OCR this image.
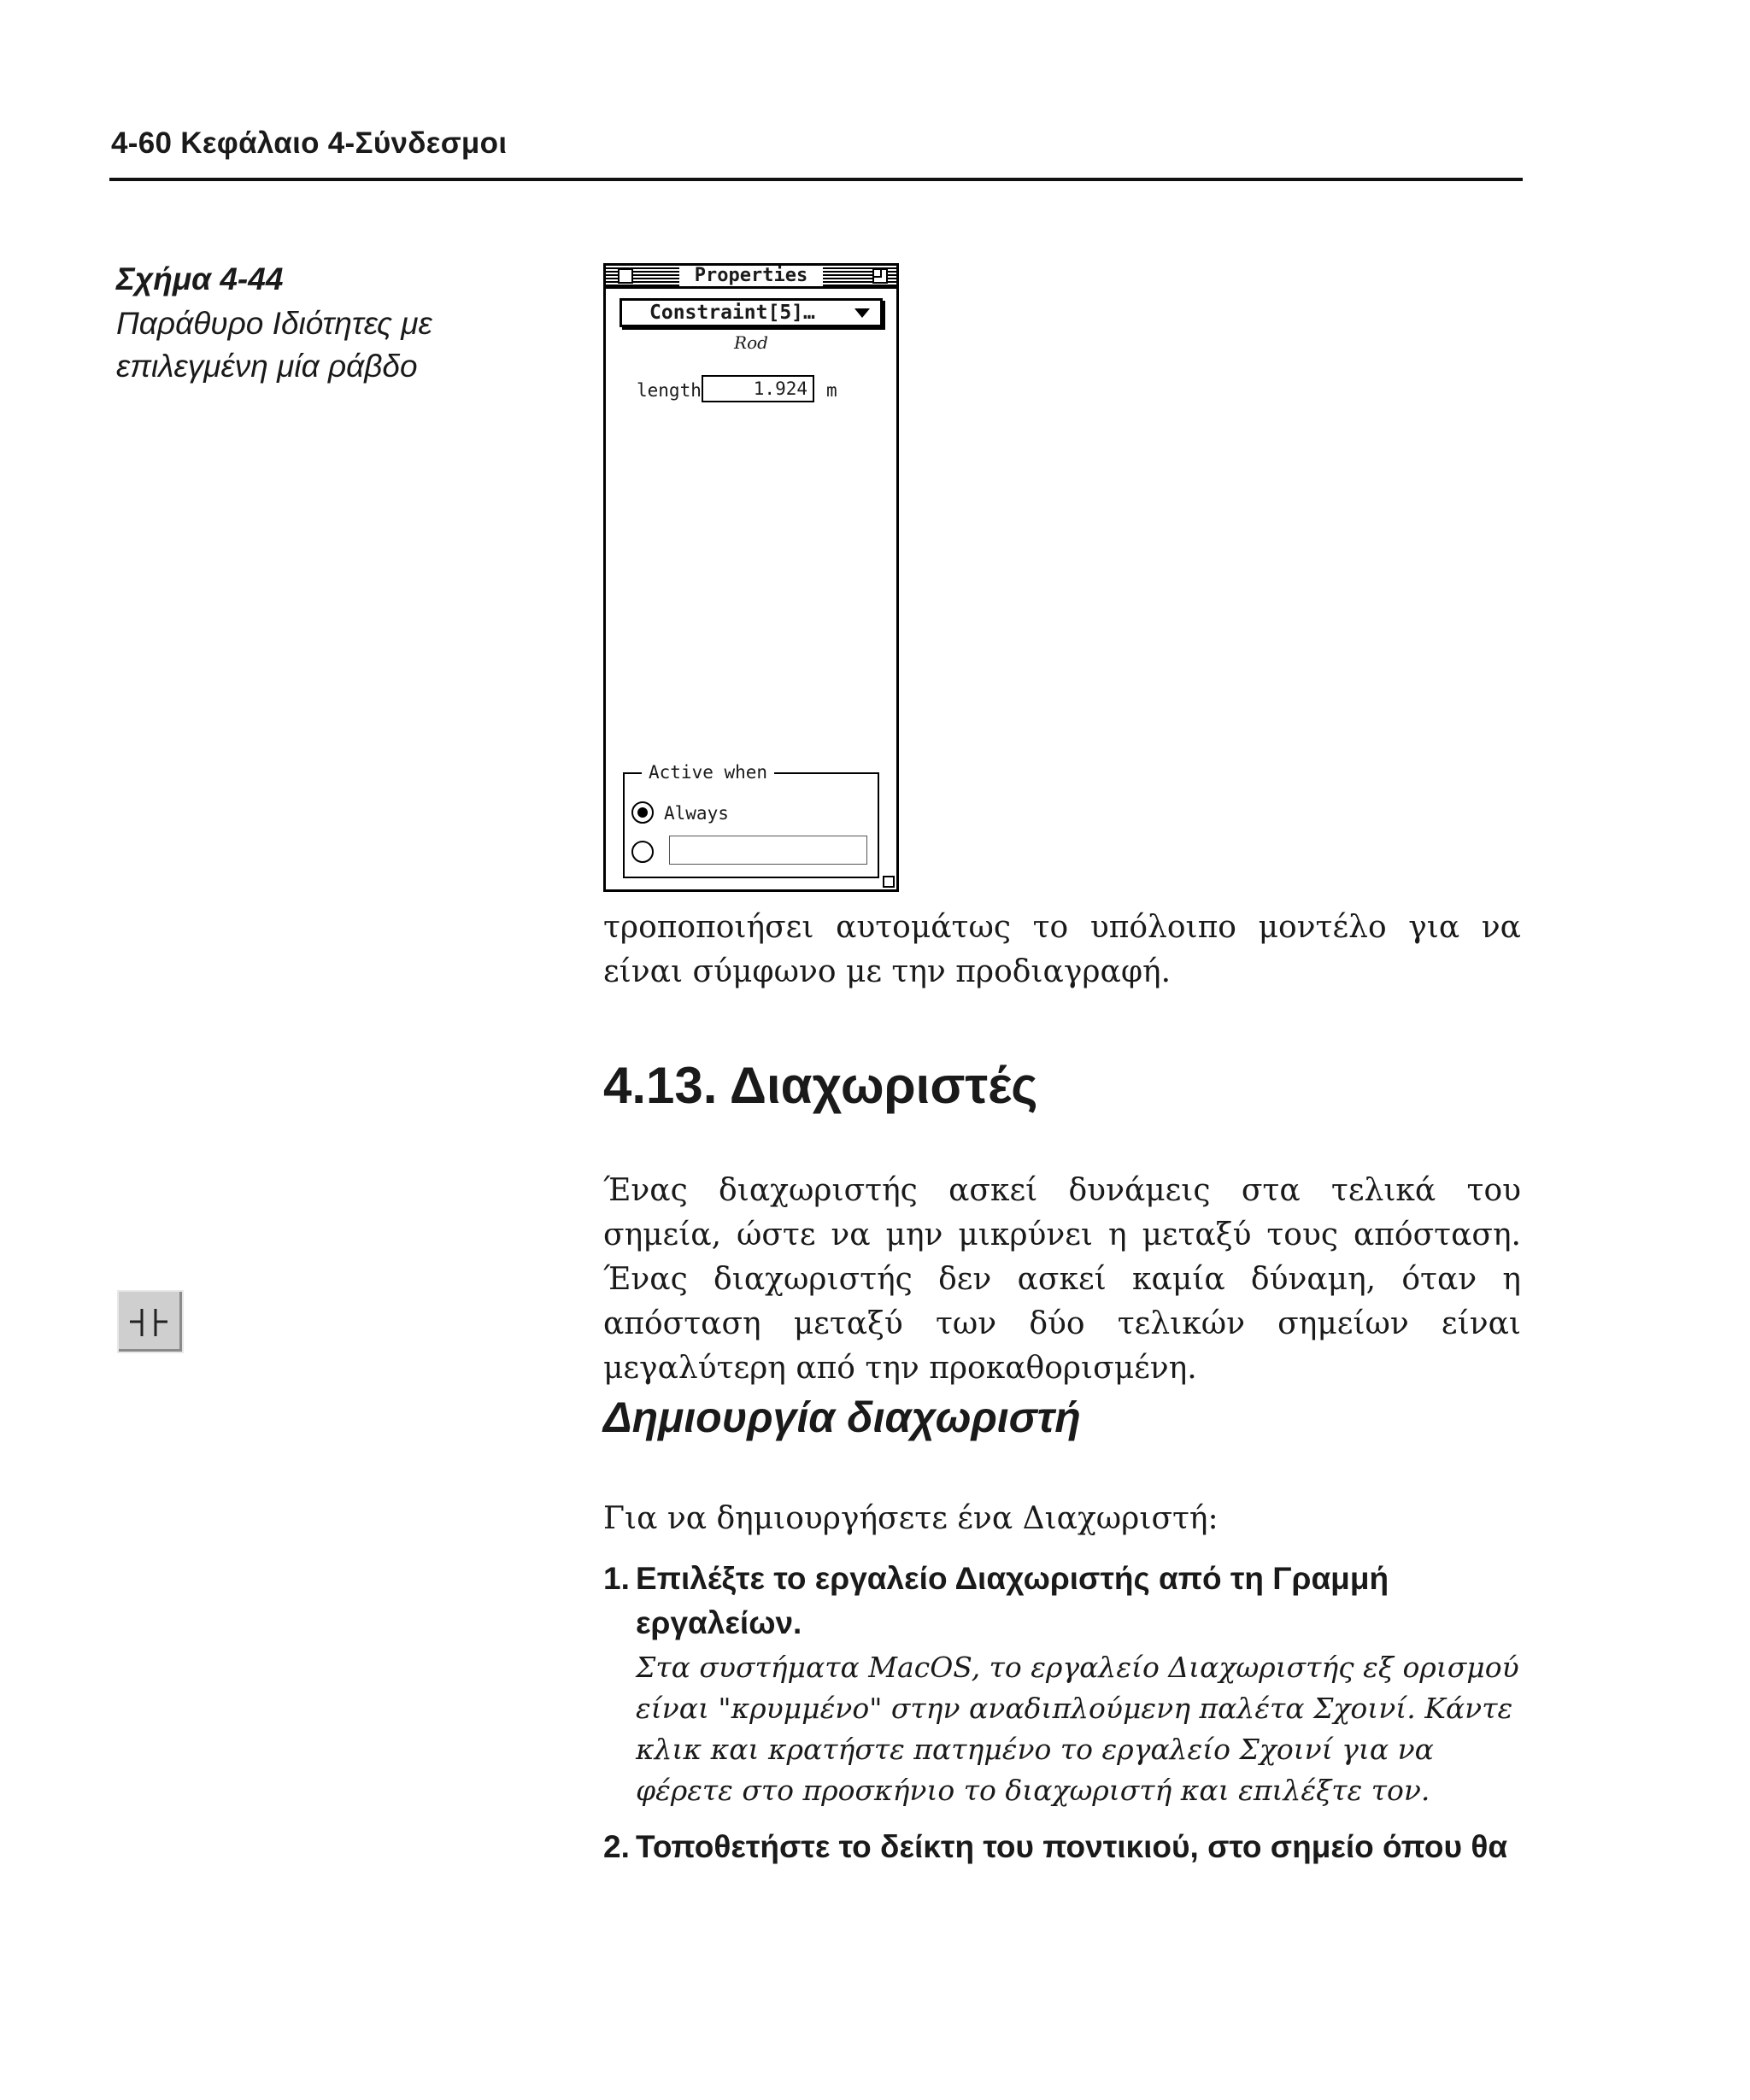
4-60 Κεφάλαιο 4-Σύνδεσμοι
Σχήμα 4-44
Παράθυρο Ιδιότητες με
επιλεγμένη μία ράβδο
Properties
Constraint[5]…
Rod
length	1.924	m
Active when
Always
τροποποιήσει αυτομάτως το υπόλοιπο μοντέλο για να είναι σύμφωνο με την προδιαγραφή.
4.13. Διαχωριστές
Ένας διαχωριστής ασκεί δυνάμεις στα τελικά του σημεία, ώστε να μην μικρύνει η μεταξύ τους απόσταση. Ένας διαχωριστής δεν ασκεί καμία δύναμη, όταν η απόσταση μεταξύ των δύο τελικών σημείων είναι μεγαλύτερη από την προκαθορισμένη.
Δημιουργία διαχωριστή
Για να δημιουργήσετε ένα Διαχωριστή:
1. Επιλέξτε το εργαλείο Διαχωριστής από τη Γραμμή εργαλείων.
Στα συστήματα MacOS, το εργαλείο Διαχωριστής εξ ορισμού είναι "κρυμμένο" στην αναδιπλούμενη παλέτα Σχοινί. Κάντε κλικ και κρατήστε πατημένο το εργαλείο Σχοινί για να φέρετε στο προσκήνιο το διαχωριστή και επιλέξτε τον.
2. Τοποθετήστε το δείκτη του ποντικιού, στο σημείο όπου θα
